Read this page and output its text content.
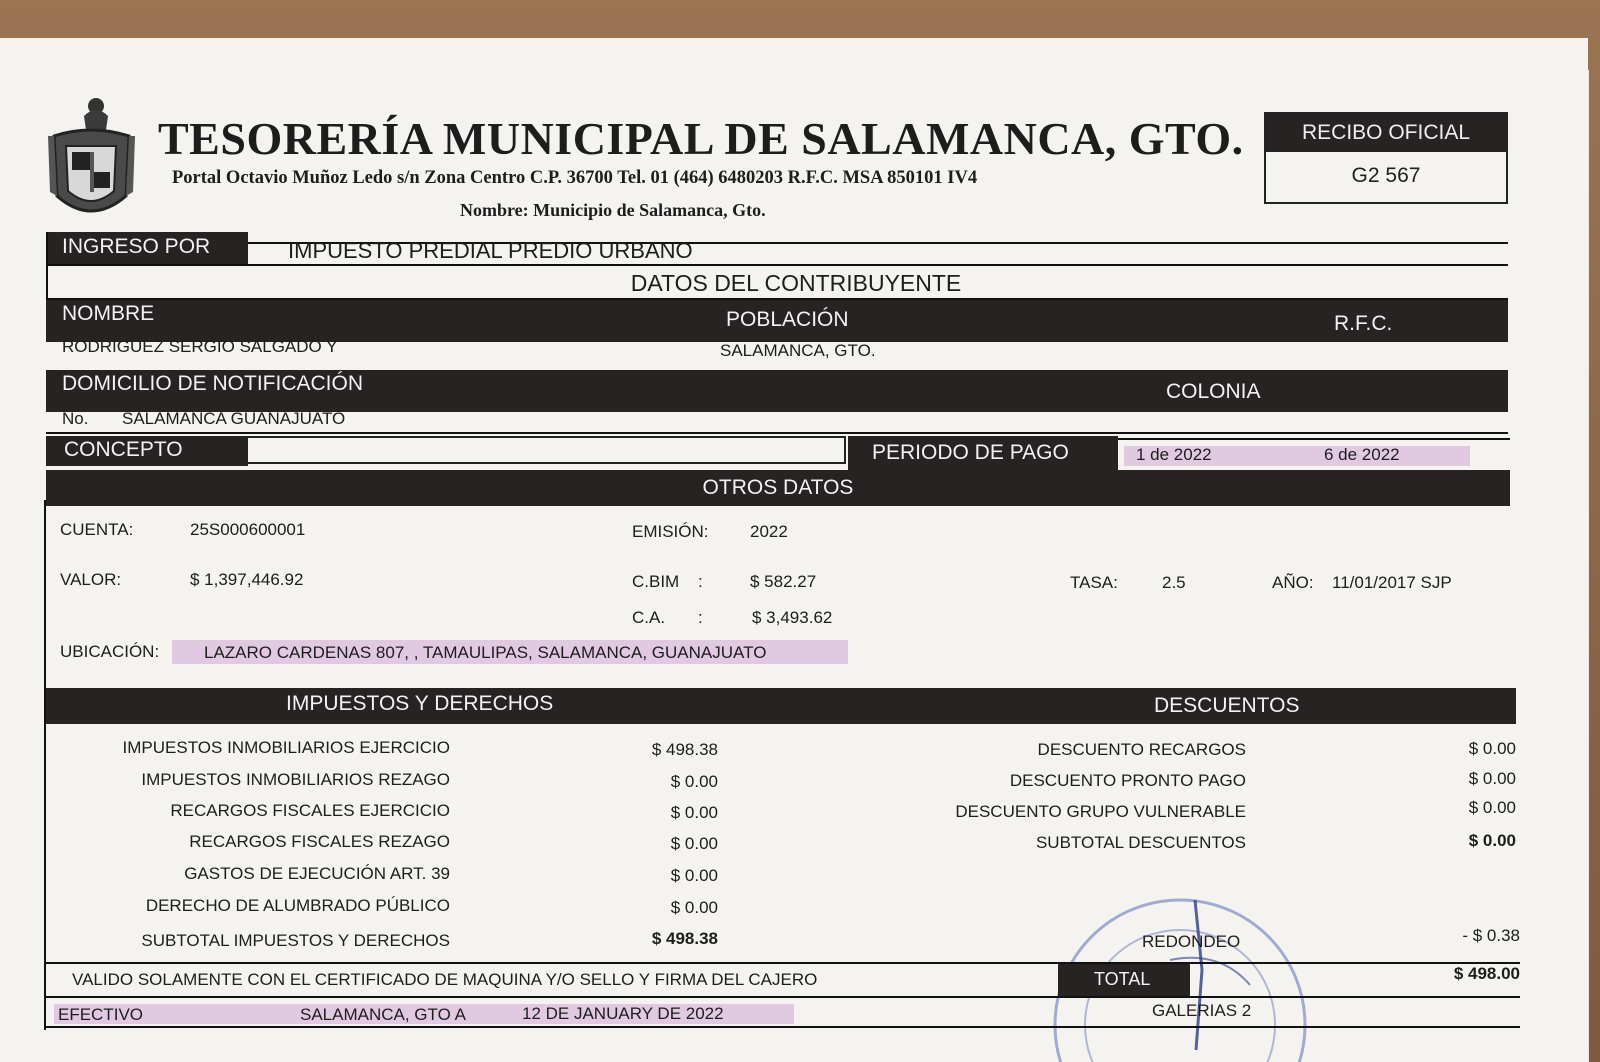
TESORERÍA MUNICIPAL DE SALAMANCA, GTO.
Portal Octavio Muñoz Ledo s/n Zona Centro C.P. 36700 Tel. 01 (464) 6480203 R.F.C. MSA 850101 IV4
Nombre: Municipio de Salamanca, Gto.
RECIBO OFICIAL
G2 567
INGRESO POR	IMPUESTO PREDIAL PREDIO URBANO
DATOS DEL CONTRIBUYENTE
NOMBRE	POBLACIÓN	R.F.C.
RODRIGUEZ SERGIO SALGADO Y	SALAMANCA, GTO.
DOMICILIO DE NOTIFICACIÓN	COLONIA
No. SALAMANCA GUANAJUATO
CONCEPTO	PERIODO DE PAGO	1 de 2022	6 de 2022
OTROS DATOS
CUENTA:	25S000600001	EMISIÓN: 2022
VALOR:	$ 1,397,446.92	C.BIM :	$ 582.27	TASA:	2.5	AÑO: 11/01/2017 SJP
C.A. :	$ 3,493.62
UBICACIÓN:	LAZARO CARDENAS 807, , TAMAULIPAS, SALAMANCA, GUANAJUATO
IMPUESTOS Y DERECHOS	DESCUENTOS
IMPUESTOS INMOBILIARIOS EJERCICIO	$ 498.38
IMPUESTOS INMOBILIARIOS REZAGO	$ 0.00
RECARGOS FISCALES EJERCICIO	$ 0.00
RECARGOS FISCALES REZAGO	$ 0.00
GASTOS DE EJECUCIÓN ART. 39	$ 0.00
DERECHO DE ALUMBRADO PÚBLICO	$ 0.00
SUBTOTAL IMPUESTOS Y DERECHOS	$ 498.38
DESCUENTO RECARGOS	$ 0.00
DESCUENTO PRONTO PAGO	$ 0.00
DESCUENTO GRUPO VULNERABLE	$ 0.00
SUBTOTAL DESCUENTOS	$ 0.00
REDONDEO	- $ 0.38
VALIDO SOLAMENTE CON EL CERTIFICADO DE MAQUINA Y/O SELLO Y FIRMA DEL CAJERO	TOTAL	$ 498.00
EFECTIVO	SALAMANCA, GTO A	12 DE JANUARY DE 2022	GALERIAS 2
